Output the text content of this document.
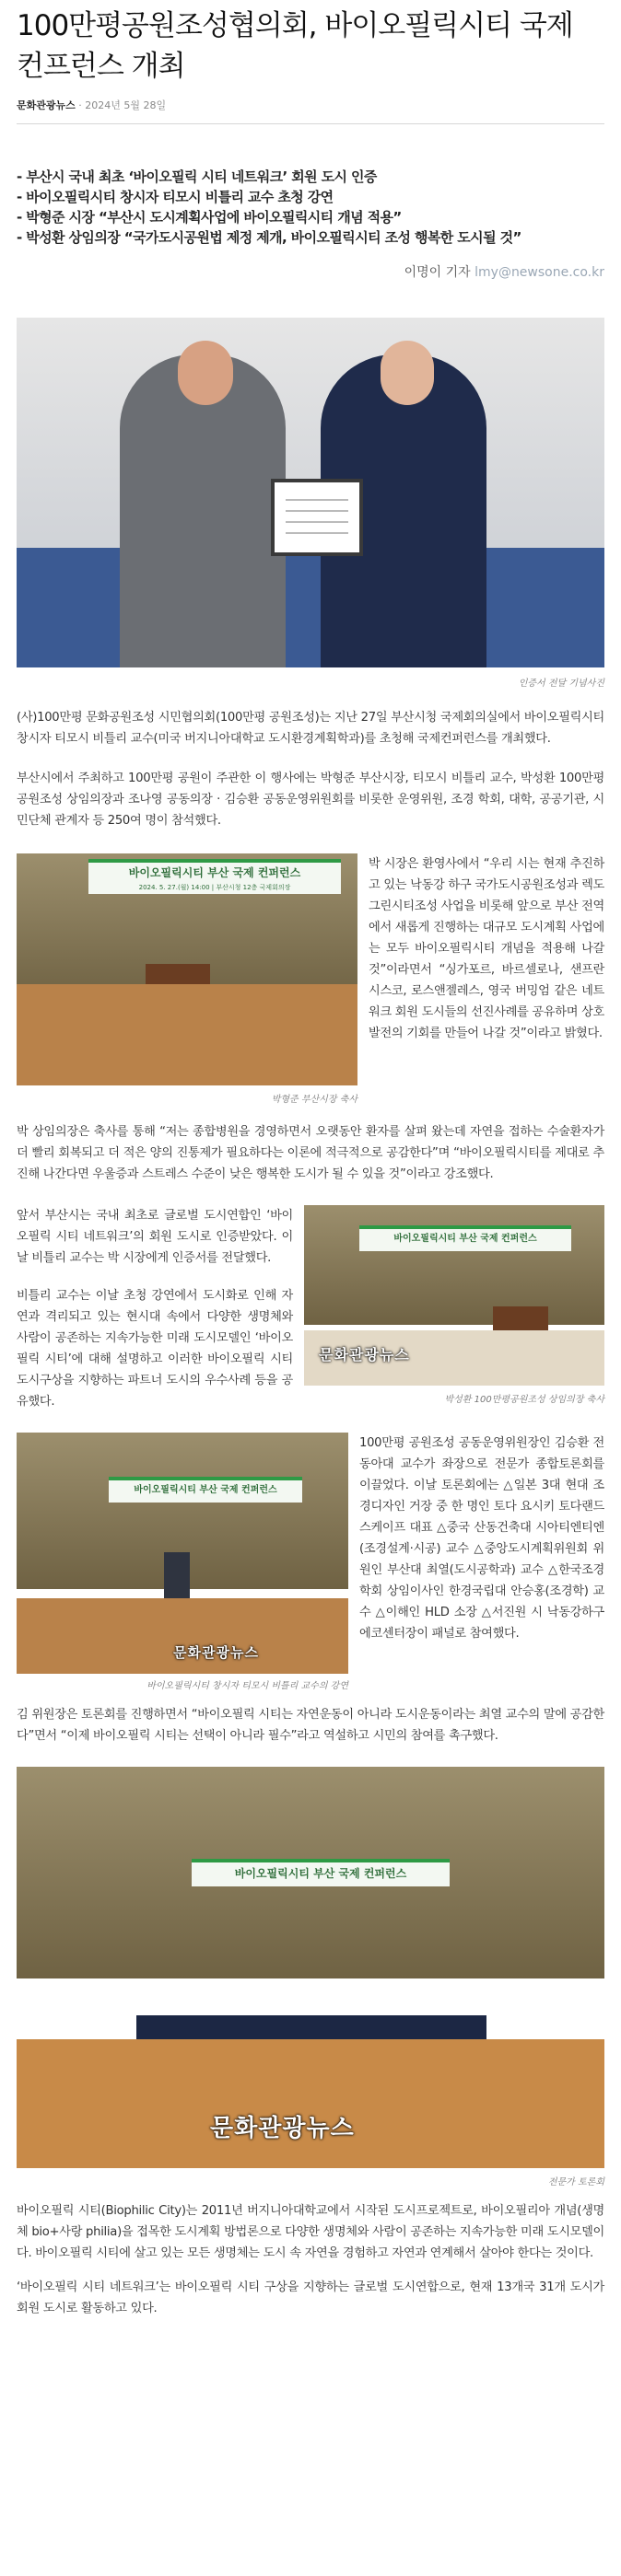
100만평공원조성협의회, 바이오필릭시티 국제 컨프런스 개최
문화관광뉴스 · 2024년 5월 28일
- 부산시 국내 최초 ‘바이오필릭 시티 네트워크’ 회원 도시 인증
- 바이오필릭시티 창시자 티모시 비틀리 교수 초청 강연
- 박형준 시장 “부산시 도시계획사업에 바이오필릭시티 개념 적용”
- 박성환 상임의장 “국가도시공원법 제정 제개, 바이오필릭시티 조성 행복한 도시될 것”
이명이 기자 lmy@newsone.co.kr
인증서 전달 기념사진

(사)100만평 문화공원조성 시민협의회(100만평 공원조성)는 지난 27일 부산시청 국제회의실에서 바이오필릭시티 창시자 티모시 비틀리 교수(미국 버지니아대학교 도시환경계획학과)를 초청해 국제컨퍼런스를 개최했다.

부산시에서 주최하고 100만평 공원이 주관한 이 행사에는 박형준 부산시장, 티모시 비틀리 교수, 박성환 100만평공원조성 상임의장과 조나영 공동의장 · 김승환 공동운영위원회를 비롯한 운영위원, 조경 학회, 대학, 공공기관, 시민단체 관계자 등 250여 명이 참석했다.

바이오필릭시티 부산 국제 컨퍼런스
2024. 5. 27.(월) 14:00 | 부산시청 12층 국제회의장
박형준 부산시장 축사

박 시장은 환영사에서 “우리 시는 현재 추진하고 있는 낙동강 하구 국가도시공원조성과 렉도그린시티조성 사업을 비롯해 앞으로 부산 전역에서 새롭게 진행하는 대규모 도시계획 사업에는 모두 바이오필릭시티 개념을 적용해 나갈 것”이라면서 “싱가포르, 바르셀로나, 샌프란시스코, 로스앤젤레스, 영국 버밍엄 같은 네트워크 회원 도시들의 선진사례를 공유하며 상호 발전의 기회를 만들어 나갈 것”이라고 밝혔다.

박 상임의장은 축사를 통해 “저는 종합병원을 경영하면서 오랫동안 환자를 살펴 왔는데 자연을 접하는 수술환자가 더 빨리 회복되고 더 적은 양의 진통제가 필요하다는 이론에 적극적으로 공감한다”며 “바이오필릭시티를 제대로 추진해 나간다면 우울증과 스트레스 수준이 낮은 행복한 도시가 될 수 있을 것”이라고 강조했다.

앞서 부산시는 국내 최초로 글로벌 도시연합인 ‘바이오필릭 시티 네트워크’의 회원 도시로 인증받았다. 이날 비틀리 교수는 박 시장에게 인증서를 전달했다.

비틀리 교수는 이날 초청 강연에서 도시화로 인해 자연과 격리되고 있는 현시대 속에서 다양한 생명체와 사람이 공존하는 지속가능한 미래 도시모델인 ‘바이오필릭 시티’에 대해 설명하고 이러한 바이오필릭 시티 도시구상을 지향하는 파트너 도시의 우수사례 등을 공유했다.

바이오필릭시티 부산 국제 컨퍼런스
문화관광뉴스
박성환 100만평공원조성 상임의장 축사
바이오필릭시티 부산 국제 컨퍼런스
문화관광뉴스
바이오필릭시티 창시자 티모시 비틀리 교수의 강연

100만평 공원조성 공동운영위원장인 김승환 전 동아대 교수가 좌장으로 전문가 종합토론회를 이끌었다. 이날 토론회에는 △일본 3대 현대 조경디자인 거장 중 한 명인 토다 요시키 토다랜드스케이프 대표 △중국 산동건축대 시아티엔티엔(조경설계·시공) 교수 △중앙도시계획위원회 위원인 부산대 최열(도시공학과) 교수 △한국조경학회 상임이사인 한경국립대 안승홍(조경학) 교수 △이해인 HLD 소장 △서진원 시 낙동강하구에코센터장이 패널로 참여했다.

김 위원장은 토론회를 진행하면서 “바이오필릭 시티는 자연운동이 아니라 도시운동이라는 최열 교수의 말에 공감한다”면서 “이제 바이오필릭 시티는 선택이 아니라 필수”라고 역설하고 시민의 참여를 촉구했다.

바이오필릭시티 부산 국제 컨퍼런스
문화관광뉴스
전문가 토론회

바이오필릭 시티(Biophilic City)는 2011년 버지니아대학교에서 시작된 도시프로젝트로, 바이오필리아 개념(생명체 bio+사랑 philia)을 접목한 도시계획 방법론으로 다양한 생명체와 사람이 공존하는 지속가능한 미래 도시모델이다. 바이오필릭 시티에 살고 있는 모든 생명체는 도시 속 자연을 경험하고 자연과 연계해서 살아야 한다는 것이다.

‘바이오필릭 시티 네트워크’는 바이오필릭 시티 구상을 지향하는 글로벌 도시연합으로, 현재 13개국 31개 도시가 회원 도시로 활동하고 있다.
